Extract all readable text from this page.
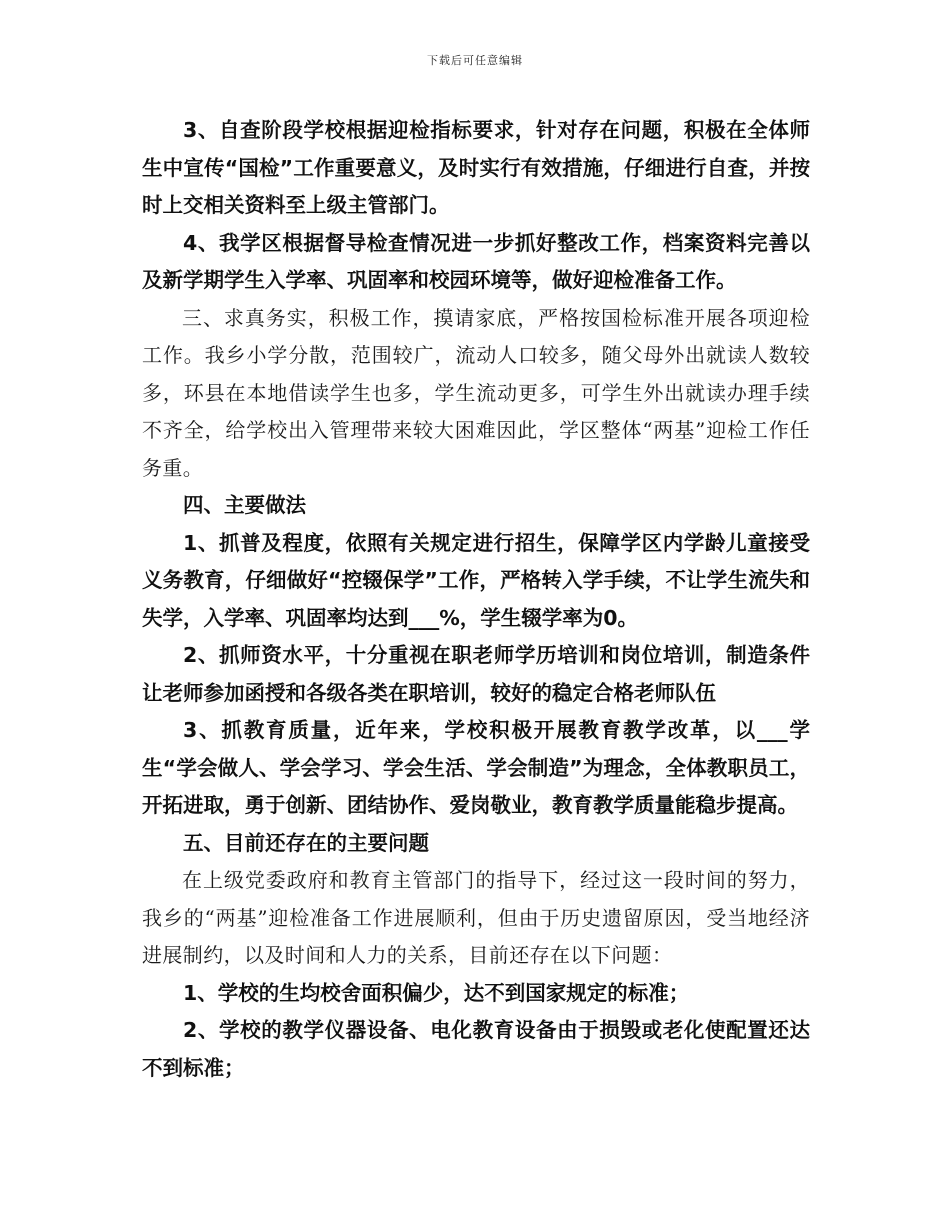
下载后可任意编辑

3、自查阶段学校根据迎检指标要求，针对存在问题，积极在全体师生中宣传“国检”工作重要意义，及时实行有效措施，仔细进行自查，并按时上交相关资料至上级主管部门。

4、我学区根据督导检查情况进一步抓好整改工作，档案资料完善以及新学期学生入学率、巩固率和校园环境等，做好迎检准备工作。

三、求真务实，积极工作，摸请家底，严格按国检标准开展各项迎检工作。我乡小学分散，范围较广，流动人口较多，随父母外出就读人数较多，环县在本地借读学生也多，学生流动更多，可学生外出就读办理手续不齐全，给学校出入管理带来较大困难因此，学区整体“两基”迎检工作任务重。

四、主要做法

1、抓普及程度，依照有关规定进行招生，保障学区内学龄儿童接受义务教育，仔细做好“控辍保学”工作，严格转入学手续，不让学生流失和失学，入学率、巩固率均达到___%，学生辍学率为0。

2、抓师资水平，十分重视在职老师学历培训和岗位培训，制造条件让老师参加函授和各级各类在职培训，较好的稳定合格老师队伍

3、抓教育质量，近年来，学校积极开展教育教学改革，以___学生“学会做人、学会学习、学会生活、学会制造”为理念，全体教职员工，开拓进取，勇于创新、团结协作、爱岗敬业，教育教学质量能稳步提高。

五、目前还存在的主要问题

在上级党委政府和教育主管部门的指导下，经过这一段时间的努力，我乡的“两基”迎检准备工作进展顺利，但由于历史遗留原因，受当地经济进展制约，以及时间和人力的关系，目前还存在以下问题：

1、学校的生均校舍面积偏少，达不到国家规定的标准；

2、学校的教学仪器设备、电化教育设备由于损毁或老化使配置还达不到标准；
